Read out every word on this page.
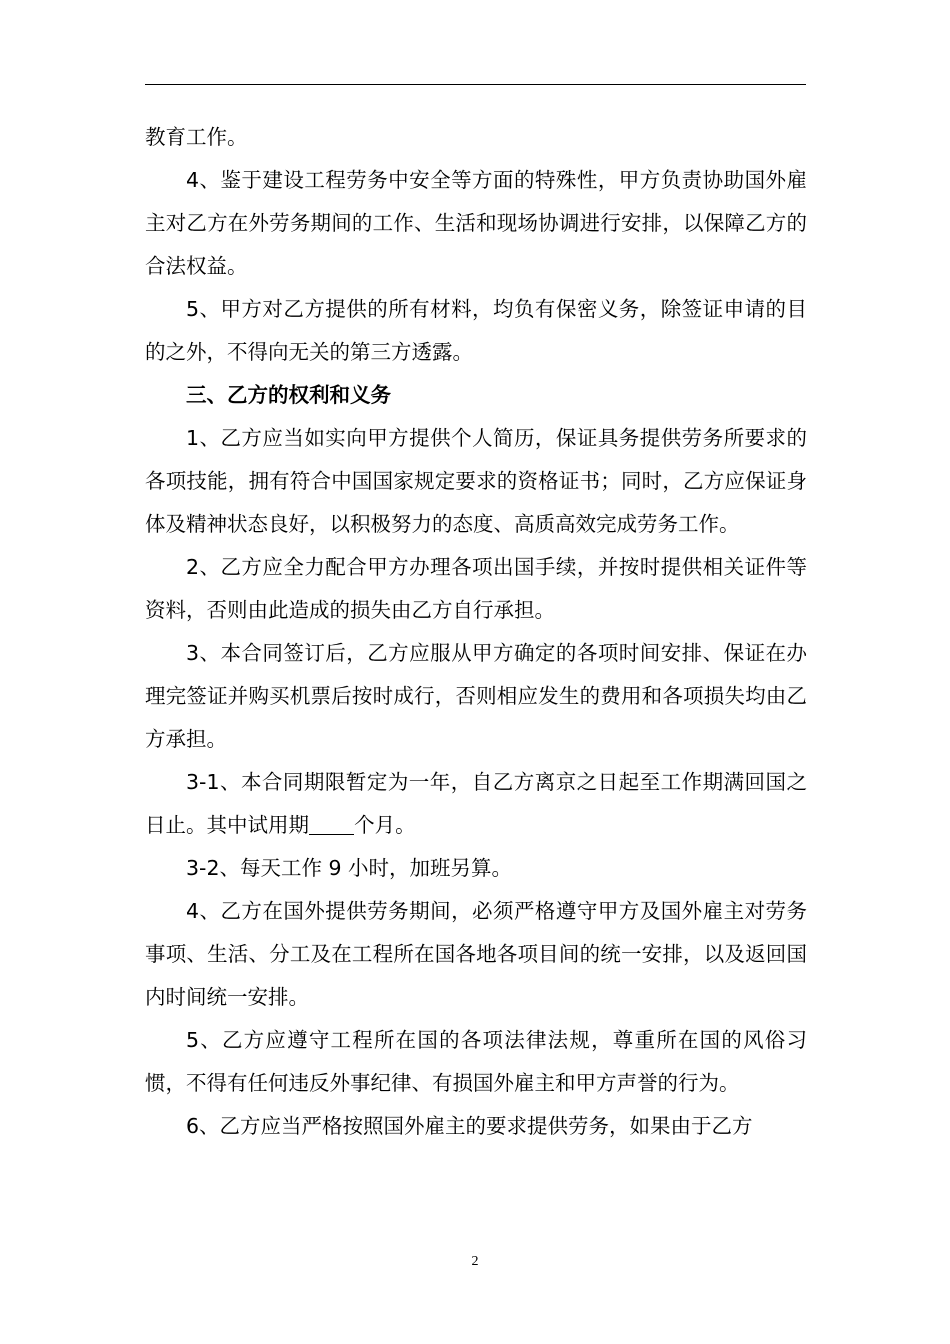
教育工作。

4、鉴于建设工程劳务中安全等方面的特殊性，甲方负责协助国外雇主对乙方在外劳务期间的工作、生活和现场协调进行安排，以保障乙方的合法权益。

5、甲方对乙方提供的所有材料，均负有保密义务，除签证申请的目的之外，不得向无关的第三方透露。

三、乙方的权利和义务

1、乙方应当如实向甲方提供个人简历，保证具务提供劳务所要求的各项技能，拥有符合中国国家规定要求的资格证书；同时，乙方应保证身体及精神状态良好，以积极努力的态度、高质高效完成劳务工作。

2、乙方应全力配合甲方办理各项出国手续，并按时提供相关证件等资料，否则由此造成的损失由乙方自行承担。

3、本合同签订后，乙方应服从甲方确定的各项时间安排、保证在办理完签证并购买机票后按时成行，否则相应发生的费用和各项损失均由乙方承担。

3-1、本合同期限暂定为一年，自乙方离京之日起至工作期满回国之日止。其中试用期 个月。

3-2、每天工作 9 小时，加班另算。

4、乙方在国外提供劳务期间，必须严格遵守甲方及国外雇主对劳务事项、生活、分工及在工程所在国各地各项目间的统一安排，以及返回国内时间统一安排。

5、乙方应遵守工程所在国的各项法律法规，尊重所在国的风俗习惯，不得有任何违反外事纪律、有损国外雇主和甲方声誉的行为。

6、乙方应当严格按照国外雇主的要求提供劳务，如果由于乙方

2
